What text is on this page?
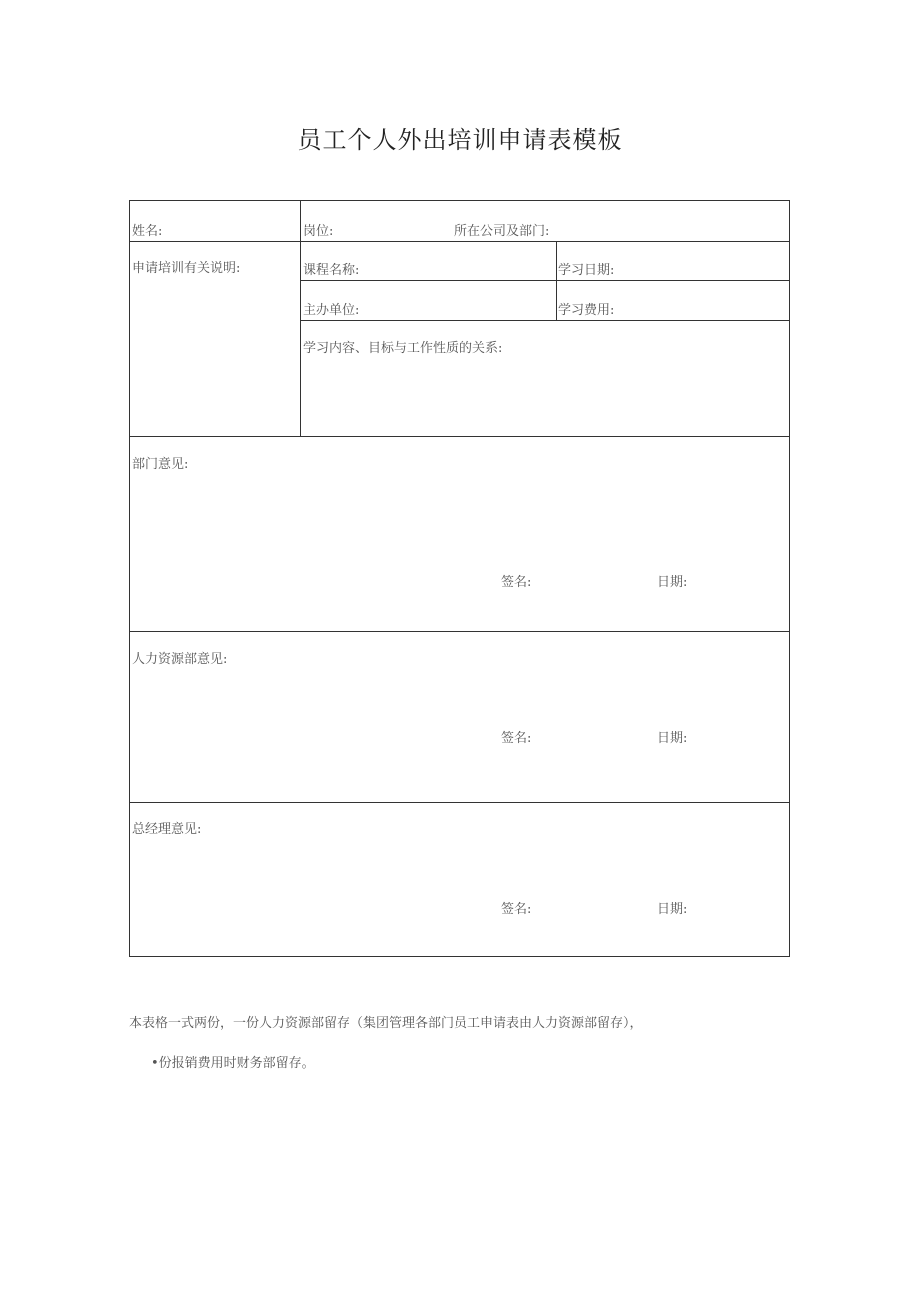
员工个人外出培训申请表模板
姓名:	岗位:	所在公司及部门:
申请培训有关说明:	课程名称:	学习日期:
主办单位:	学习费用:
学习内容、目标与工作性质的关系:
部门意见:
签名:	日期:
人力资源部意见:
签名:	日期:
总经理意见:
签名:	日期:
本表格一式两份，一份人力资源部留存（集团管理各部门员工申请表由人力资源部留存），
•份报销费用时财务部留存。
